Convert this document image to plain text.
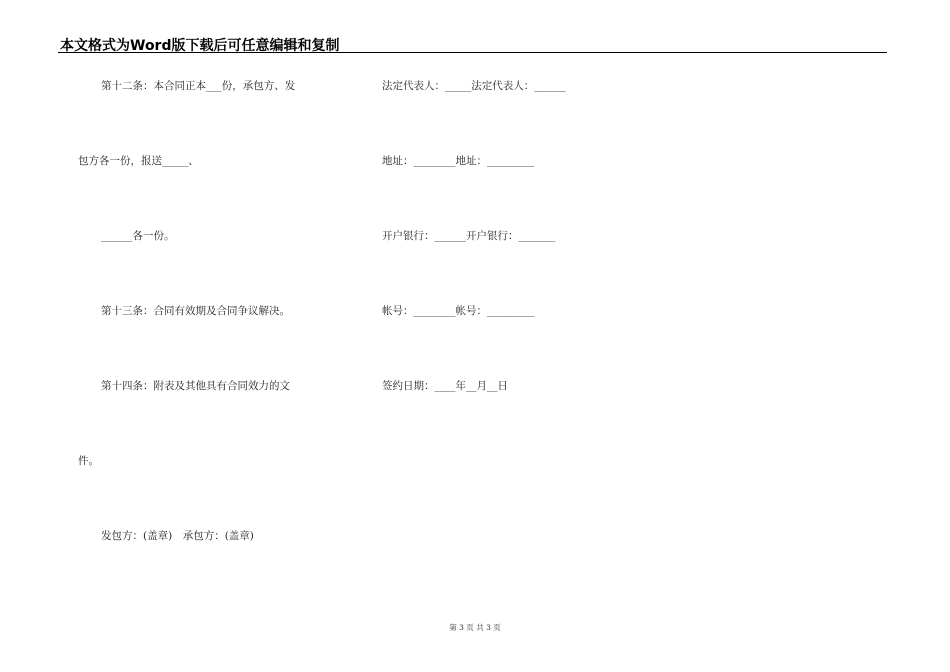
本文格式为Word版下载后可任意编辑和复制
第十二条：本合同正本___份，承包方、发
包方各一份，报送_____、
______各一份。
第十三条：合同有效期及合同争议解决。
第十四条：附表及其他具有合同效力的文
件。
发包方：(盖章)　承包方：(盖章)
法定代表人：_____法定代表人：______
地址：________地址：_________
开户银行：______开户银行：_______
帐号：________帐号：_________
签约日期：____年__月__日
第 3 页 共 3 页
